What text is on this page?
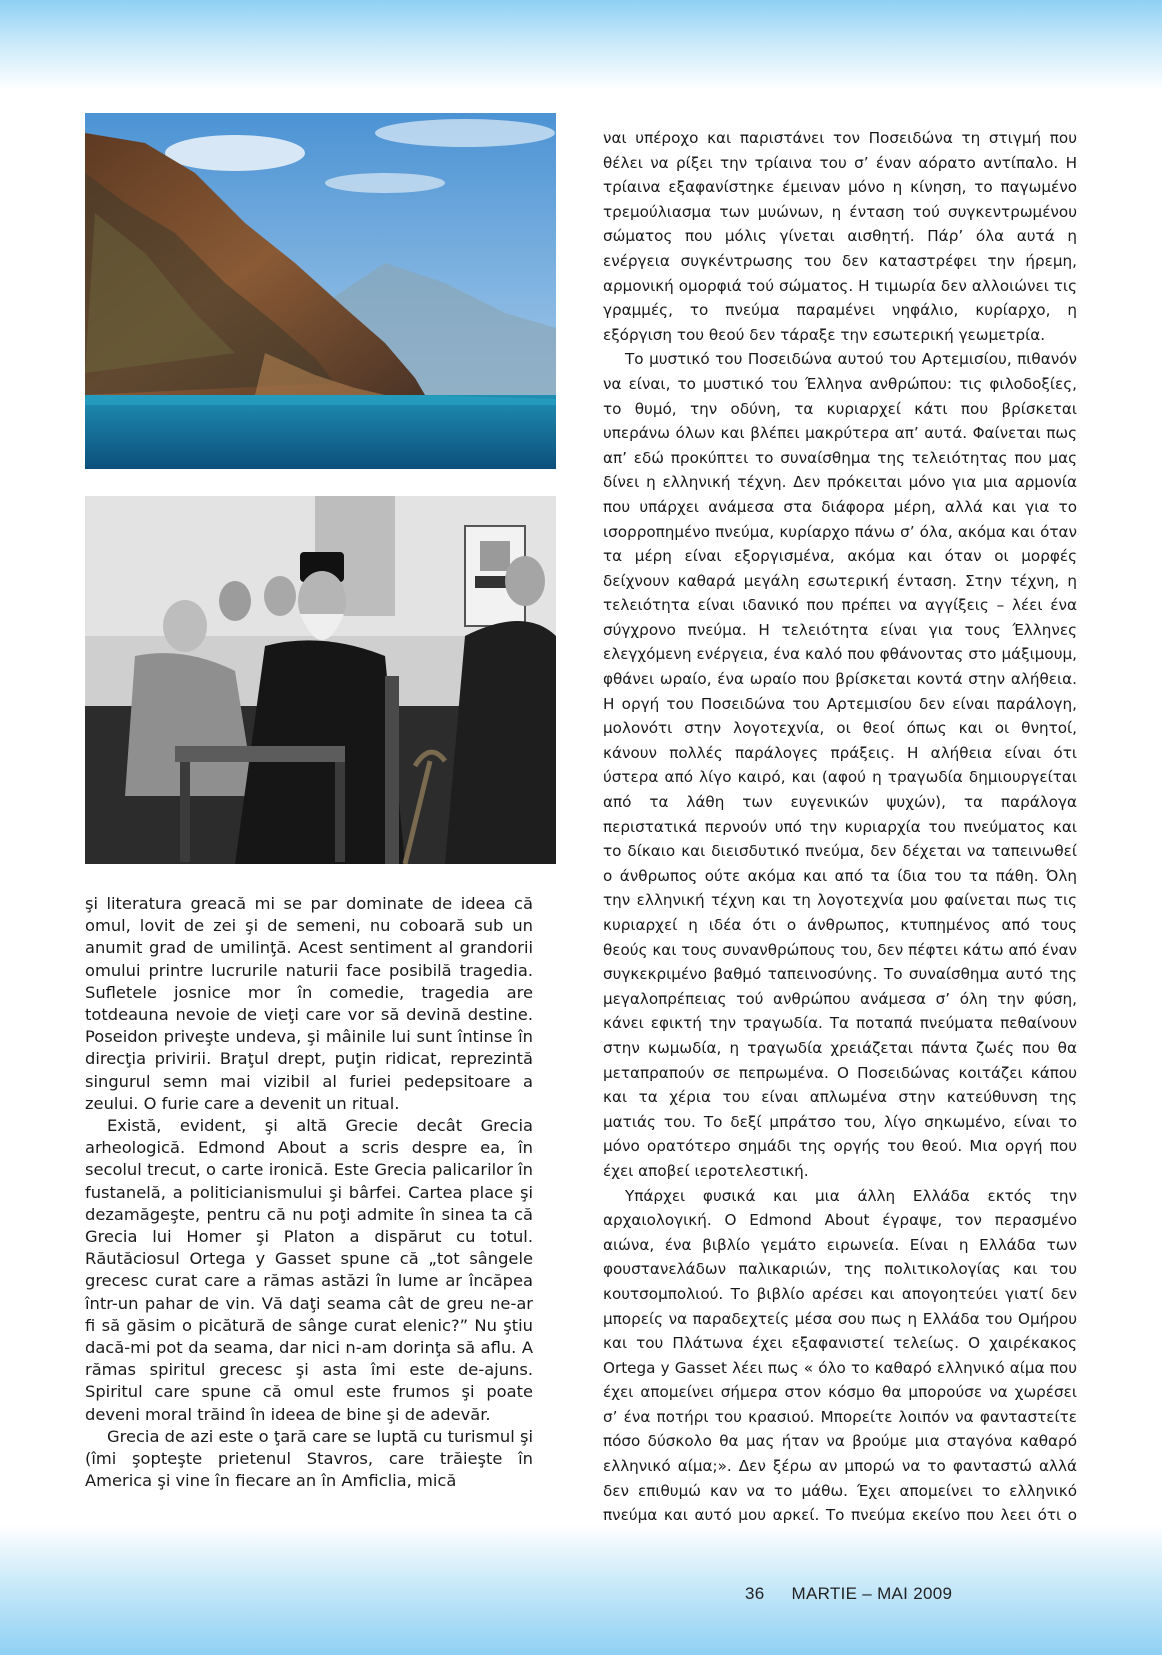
şi literatura greacă mi se par dominate de ideea că omul, lovit de zei şi de semeni, nu coboară sub un anumit grad de umilinţă. Acest sentiment al grandorii omului printre lucrurile naturii face posibilă tragedia. Sufletele josnice mor în comedie, tragedia are totdeauna nevoie de vieţi care vor să devină destine. Poseidon priveşte undeva, şi mâinile lui sunt întinse în direcţia privirii. Braţul drept, puţin ridicat, reprezintă singurul semn mai vizibil al furiei pedepsitoare a zeului. O furie care a devenit un ritual.

Există, evident, şi altă Grecie decât Grecia arheologică. Edmond About a scris despre ea, în secolul trecut, o carte ironică. Este Grecia palicarilor în fustanelă, a politicianismului şi bârfei. Cartea place şi dezamăgeşte, pentru că nu poţi admite în sinea ta că Grecia lui Homer şi Platon a dispărut cu totul. Răutăciosul Ortega y Gasset spune că „tot sângele grecesc curat care a rămas astăzi în lume ar încăpea într-un pahar de vin. Vă daţi seama cât de greu ne-ar fi să găsim o picătură de sânge curat elenic?” Nu ştiu dacă-mi pot da seama, dar nici n-am dorinţa să aflu. A rămas spiritul grecesc şi asta îmi este de-ajuns. Spiritul care spune că omul este frumos şi poate deveni moral trăind în ideea de bine şi de adevăr.

Grecia de azi este o ţară care se luptă cu turismul şi (îmi şopteşte prietenul Stavros, care trăieşte în America şi vine în fiecare an în Amficlia, mică

ναι υπέροχο και παριστάνει τον Ποσειδώνα τη στιγμή που θέλει να ρίξει την τρίαινα του σ’ έναν αόρατο αντίπαλο. Η τρίαινα εξαφανίστηκε έμειναν μόνο η κίνηση, το παγωμένο τρεμούλιασμα των μυώνων, η ένταση τού συγκεντρωμένου σώματος που μόλις γίνεται αισθητή. Πάρ’ όλα αυτά η ενέργεια συγκέντρωσης του δεν καταστρέφει την ήρεμη, αρμονική ομορφιά τού σώματος. Η τιμωρία δεν αλλοιώνει τις γραμμές, το πνεύμα παραμένει νηφάλιο, κυρίαρχο, η εξόργιση του θεού δεν τάραξε την εσωτερική γεωμετρία.

Το μυστικό του Ποσειδώνα αυτού του Αρτεμισίου, πιθανόν να είναι, το μυστικό του Έλληνα ανθρώπου: τις φιλοδοξίες, το θυμό, την οδύνη, τα κυριαρχεί κάτι που βρίσκεται υπεράνω όλων και βλέπει μακρύτερα απ’ αυτά. Φαίνεται πως απ’ εδώ προκύπτει το συναίσθημα της τελειότητας που μας δίνει η ελληνική τέχνη. Δεν πρόκειται μόνο για μια αρμονία που υπάρχει ανάμεσα στα διάφορα μέρη, αλλά και για το ισορροπημένο πνεύμα, κυρίαρχο πάνω σ’ όλα, ακόμα και όταν τα μέρη είναι εξοργισμένα, ακόμα και όταν οι μορφές δείχνουν καθαρά μεγάλη εσωτερική ένταση. Στην τέχνη, η τελειότητα είναι ιδανικό που πρέπει να αγγίξεις – λέει ένα σύγχρονο πνεύμα. Η τελειότητα είναι για τους Έλληνες ελεγχόμενη ενέργεια, ένα καλό που φθάνοντας στο μάξιμουμ, φθάνει ωραίο, ένα ωραίο που βρίσκεται κοντά στην αλήθεια. Η οργή του Ποσειδώνα του Αρτεμισίου δεν είναι παράλογη, μολονότι στην λογοτεχνία, οι θεοί όπως και οι θνητοί, κάνουν πολλές παράλογες πράξεις. Η αλήθεια είναι ότι ύστερα από λίγο καιρό, και (αφού η τραγωδία δημιουργείται από τα λάθη των ευγενικών ψυχών), τα παράλογα περιστατικά περνούν υπό την κυριαρχία του πνεύματος και το δίκαιο και διεισδυτικό πνεύμα, δεν δέχεται να ταπεινωθεί ο άνθρωπος ούτε ακόμα και από τα ίδια του τα πάθη. Όλη την ελληνική τέχνη και τη λογοτεχνία μου φαίνεται πως τις κυριαρχεί η ιδέα ότι ο άνθρωπος, κτυπημένος από τους θεούς και τους συνανθρώπους του, δεν πέφτει κάτω από έναν συγκεκριμένο βαθμό ταπεινοσύνης. Το συναίσθημα αυτό της μεγαλοπρέπειας τού ανθρώπου ανάμεσα σ’ όλη την φύση, κάνει εφικτή την τραγωδία. Τα ποταπά πνεύματα πεθαίνουν στην κωμωδία, η τραγωδία χρειάζεται πάντα ζωές που θα μεταπραπούν σε πεπρωμένα. Ο Ποσειδώνας κοιτάζει κάπου και τα χέρια του είναι απλωμένα στην κατεύθυνση της ματιάς του. Το δεξί μπράτσο του, λίγο σηκωμένο, είναι το μόνο ορατότερο σημάδι της οργής του θεού. Μια οργή που έχει αποβεί ιεροτελεστική.

Υπάρχει φυσικά και μια άλλη Ελλάδα εκτός την αρχαιολογική. Ο Edmond About έγραψε, τον περασμένο αιώνα, ένα βιβλίο γεμάτο ειρωνεία. Είναι η Ελλάδα των φουστανελάδων παλικαριών, της πολιτικολογίας και του κουτσομπολιού. Το βιβλίο αρέσει και απογοητεύει γιατί δεν μπορείς να παραδεχτείς μέσα σου πως η Ελλάδα του Ομήρου και του Πλάτωνα έχει εξαφανιστεί τελείως. Ο χαιρέκακος Ortega y Gasset λέει πως « όλο το καθαρό ελληνικό αίμα που έχει απομείνει σήμερα στον κόσμο θα μπορούσε να χωρέσει σ’ ένα ποτήρι του κρασιού. Μπορείτε λοιπόν να φανταστείτε πόσο δύσκολο θα μας ήταν να βρούμε μια σταγόνα καθαρό ελληνικό αίμα;». Δεν ξέρω αν μπορώ να το φανταστώ αλλά δεν επιθυμώ καν να το μάθω. Έχει απομείνει το ελληνικό πνεύμα και αυτό μου αρκεί. Το πνεύμα εκείνο που λεει ότι ο

36 MARTIE – MAI 2009
